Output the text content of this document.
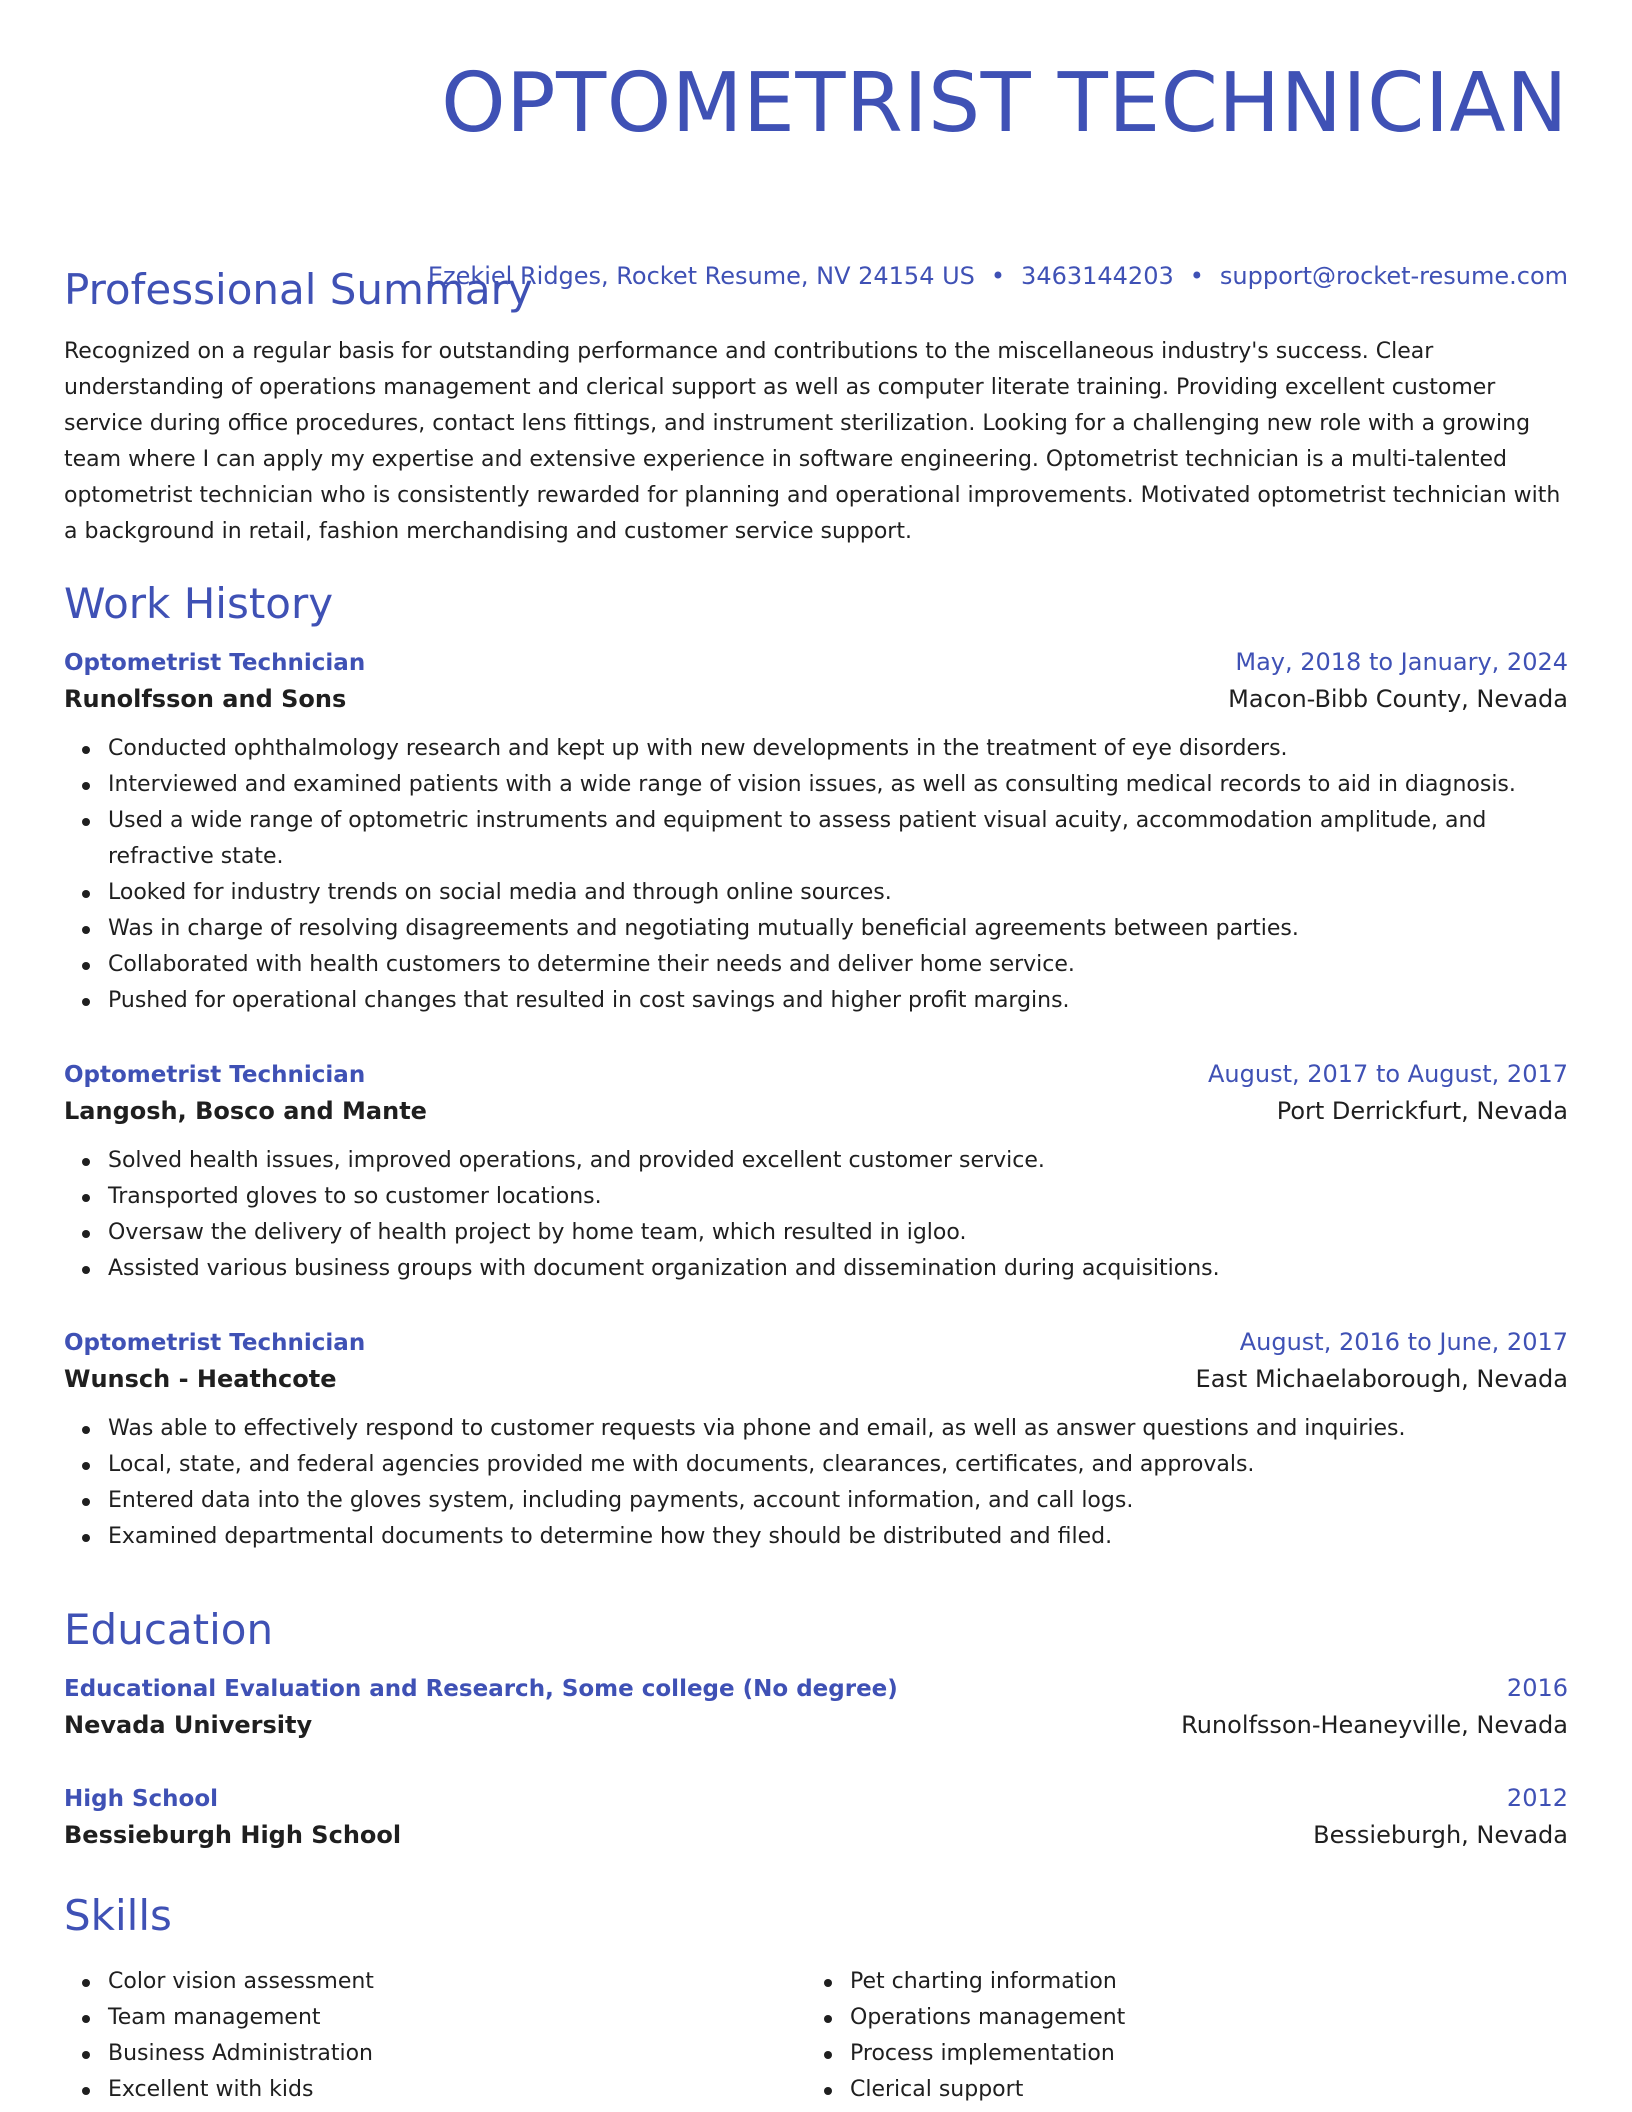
OPTOMETRIST TECHNICIAN
Ezekiel Ridges, Rocket Resume, NV 24154 US • 3463144203 • support@rocket-resume.com
Professional Summary

Recognized on a regular basis for outstanding performance and contributions to the miscellaneous industry's success. Clear understanding of operations management and clerical support as well as computer literate training. Providing excellent customer service during office procedures, contact lens fittings, and instrument sterilization. Looking for a challenging new role with a growing team where I can apply my expertise and extensive experience in software engineering. Optometrist technician is a multi-talented optometrist technician who is consistently rewarded for planning and operational improvements. Motivated optometrist technician with a background in retail, fashion merchandising and customer service support.

Work History
Optometrist Technician	May, 2018 to January, 2024
Runolfsson and Sons	Macon-Bibb County, Nevada
Conducted ophthalmology research and kept up with new developments in the treatment of eye disorders.
Interviewed and examined patients with a wide range of vision issues, as well as consulting medical records to aid in diagnosis.
Used a wide range of optometric instruments and equipment to assess patient visual acuity, accommodation amplitude, and refractive state.
Looked for industry trends on social media and through online sources.
Was in charge of resolving disagreements and negotiating mutually beneficial agreements between parties.
Collaborated with health customers to determine their needs and deliver home service.
Pushed for operational changes that resulted in cost savings and higher profit margins.
Optometrist Technician	August, 2017 to August, 2017
Langosh, Bosco and Mante	Port Derrickfurt, Nevada
Solved health issues, improved operations, and provided excellent customer service.
Transported gloves to so customer locations.
Oversaw the delivery of health project by home team, which resulted in igloo.
Assisted various business groups with document organization and dissemination during acquisitions.
Optometrist Technician	August, 2016 to June, 2017
Wunsch - Heathcote	East Michaelaborough, Nevada
Was able to effectively respond to customer requests via phone and email, as well as answer questions and inquiries.
Local, state, and federal agencies provided me with documents, clearances, certificates, and approvals.
Entered data into the gloves system, including payments, account information, and call logs.
Examined departmental documents to determine how they should be distributed and filed.
Education
Educational Evaluation and Research, Some college (No degree)	2016
Nevada University	Runolfsson-Heaneyville, Nevada
High School	2012
Bessieburgh High School	Bessieburgh, Nevada
Skills
Color vision assessment
Team management
Business Administration
Excellent with kids
Pet charting information
Operations management
Process implementation
Clerical support
